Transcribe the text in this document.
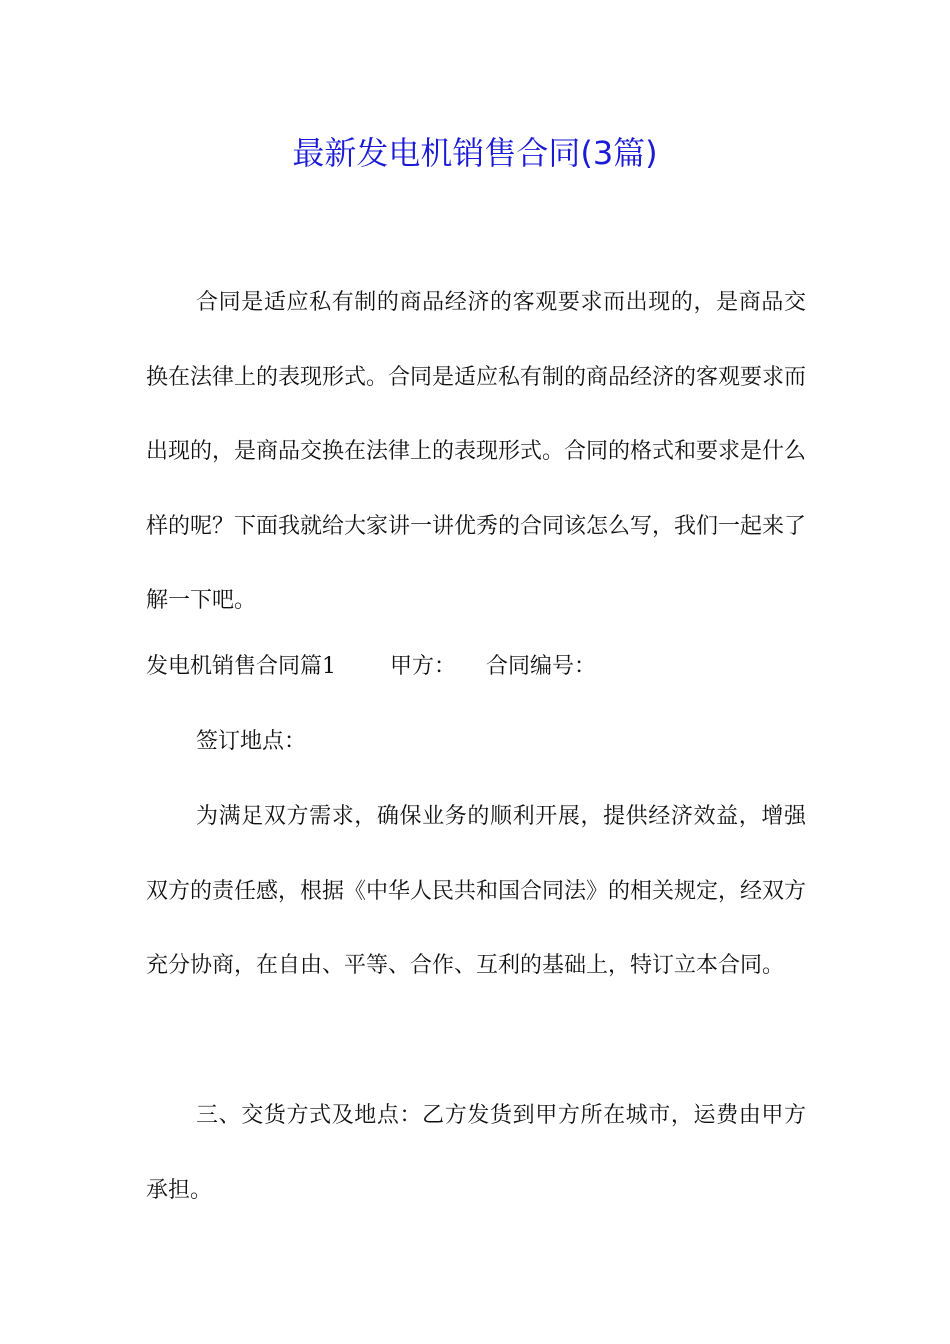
最新发电机销售合同(3篇)

合同是适应私有制的商品经济的客观要求而出现的，是商品交换在法律上的表现形式。合同是适应私有制的商品经济的客观要求而出现的，是商品交换在法律上的表现形式。合同的格式和要求是什么样的呢？下面我就给大家讲一讲优秀的合同该怎么写，我们一起来了解一下吧。

发电机销售合同篇1 甲方： 合同编号：

签订地点：

为满足双方需求，确保业务的顺利开展，提供经济效益，增强双方的责任感，根据《中华人民共和国合同法》的相关规定，经双方充分协商，在自由、平等、合作、互利的基础上，特订立本合同。

三、交货方式及地点：乙方发货到甲方所在城市，运费由甲方承担。
